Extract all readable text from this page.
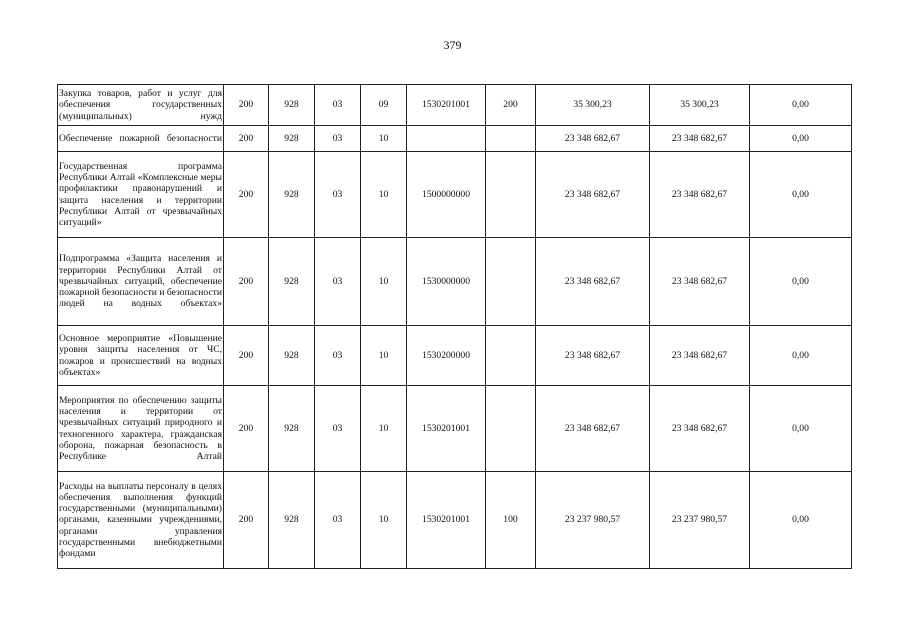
379
Закупка товаров, работ и услуг для обеспечения государственных (муниципальных) нужд	200	928	03	09	1530201001	200	35 300,23	35 300,23	0,00
Обеспечение пожарной безопасности	200	928	03	10			23 348 682,67	23 348 682,67	0,00
Государственная программа Республики Алтай «Комплексные меры профилактики правонарушений и защита населения и территории Республики Алтай от чрезвычайных ситуаций»	200	928	03	10	1500000000		23 348 682,67	23 348 682,67	0,00
Подпрограмма «Защита населения и территории Республики Алтай от чрезвычайных ситуаций, обеспечение пожарной безопасности и безопасности людей на водных объектах»	200	928	03	10	1530000000		23 348 682,67	23 348 682,67	0,00
Основное мероприятие «Повышение уровня защиты населения от ЧС, пожаров и происшествий на водных объектах»	200	928	03	10	1530200000		23 348 682,67	23 348 682,67	0,00
Мероприятия по обеспечению защиты населения и территории от чрезвычайных ситуаций природного и техногенного характера, гражданская оборона, пожарная безопасность в Республике Алтай	200	928	03	10	1530201001		23 348 682,67	23 348 682,67	0,00
Расходы на выплаты персоналу в целях обеспечения выполнения функций государственными (муниципальными) органами, казенными учреждениями, органами управления государственными внебюджетными фондами	200	928	03	10	1530201001	100	23 237 980,57	23 237 980,57	0,00
